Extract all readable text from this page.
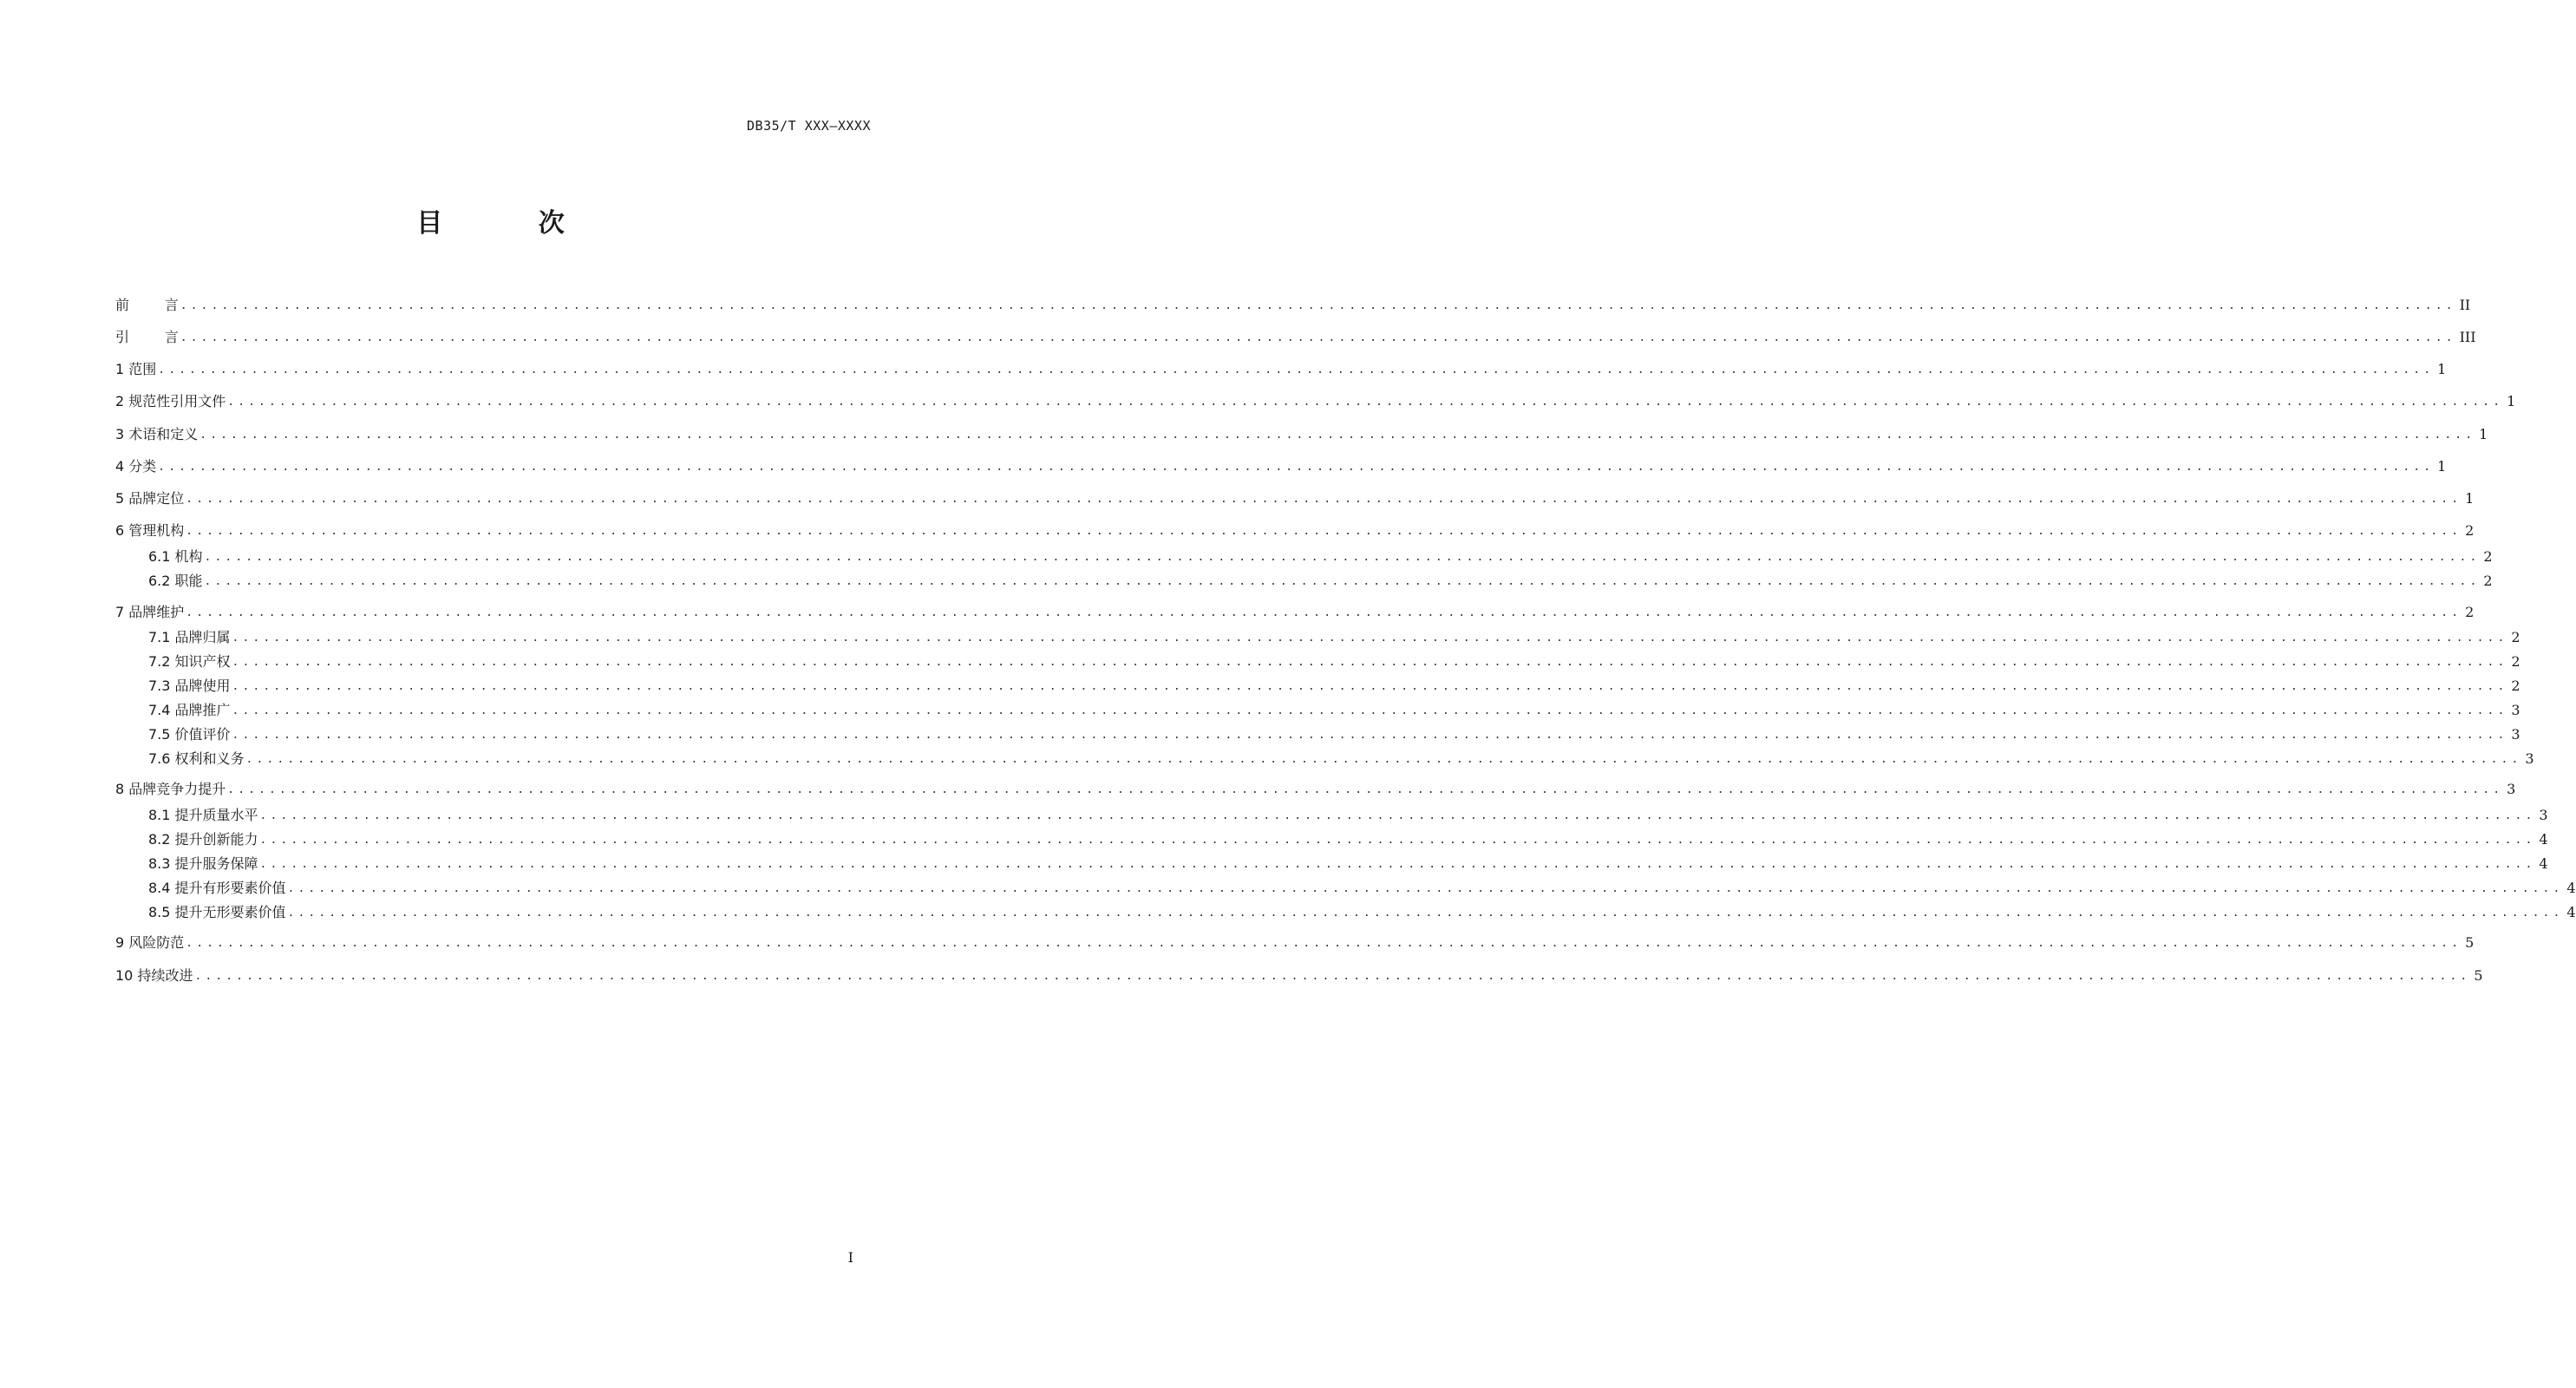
DB35/T XXX—XXXX
目 次
前        言 ............................................................................................................................................................................................................................ II
引        言 ............................................................................................................................................................................................................................ III
1 范围 ............................................................................................................................................................................................................................ 1
2 规范性引用文件 ............................................................................................................................................................................................................................ 1
3 术语和定义 ............................................................................................................................................................................................................................ 1
4 分类 ............................................................................................................................................................................................................................ 1
5 品牌定位 ............................................................................................................................................................................................................................ 1
6 管理机构 ............................................................................................................................................................................................................................ 2
6.1 机构 ............................................................................................................................................................................................................................ 2
6.2 职能 ............................................................................................................................................................................................................................ 2
7 品牌维护 ............................................................................................................................................................................................................................ 2
7.1 品牌归属 ............................................................................................................................................................................................................................ 2
7.2 知识产权 ............................................................................................................................................................................................................................ 2
7.3 品牌使用 ............................................................................................................................................................................................................................ 2
7.4 品牌推广 ............................................................................................................................................................................................................................ 3
7.5 价值评价 ............................................................................................................................................................................................................................ 3
7.6 权利和义务 ............................................................................................................................................................................................................................ 3
8 品牌竞争力提升 ............................................................................................................................................................................................................................ 3
8.1 提升质量水平 ............................................................................................................................................................................................................................ 3
8.2 提升创新能力 ............................................................................................................................................................................................................................ 4
8.3 提升服务保障 ............................................................................................................................................................................................................................ 4
8.4 提升有形要素价值 ............................................................................................................................................................................................................................ 4
8.5 提升无形要素价值 ............................................................................................................................................................................................................................ 4
9 风险防范 ............................................................................................................................................................................................................................ 5
10 持续改进 ............................................................................................................................................................................................................................ 5
I
